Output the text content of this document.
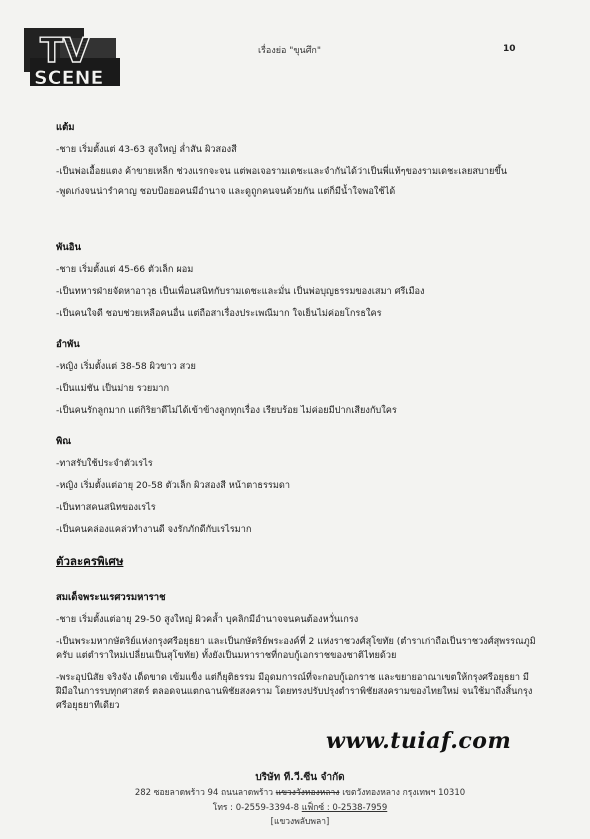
TV
SCENE
เรื่องย่อ "ขุนศึก"	10
แต้ม
-ชาย เริ่มตั้งแต่ 43-63 สูงใหญ่ ล่ำสัน ผิวสองสี
-เป็นพ่อเอื้อยแตง ค้าขายเหล็ก ช่วงแรกจะจน แต่พอเจอรามเดชะและจำกันได้ว่าเป็นพี่แท้ๆของรามเดชะเลยสบายขึ้น
-พูดเก่งจนน่ารำคาญ ชอบป้อยอคนมีอำนาจ และดูถูกคนจนด้วยกัน แต่ก็มีน้ำใจพอใช้ได้
พันอิน
-ชาย เริ่มตั้งแต่ 45-66 ตัวเล็ก ผอม
-เป็นทหารฝ่ายจัดหาอาวุธ เป็นเพื่อนสนิทกับรามเดชะและมั่น เป็นพ่อบุญธรรมของเสมา ศรีเมือง
-เป็นคนใจดี ชอบช่วยเหลือคนอื่น แต่ถือสาเรื่องประเพณีมาก ใจเย็นไม่ค่อยโกรธใคร
อำพัน
-หญิง เริ่มตั้งแต่ 38-58 ผิวขาว สวย
-เป็นแม่ชัน เป็นม่าย รวยมาก
-เป็นคนรักลูกมาก แต่กิริยาดีไม่ได้เข้าข้างลูกทุกเรื่อง เรียบร้อย ไม่ค่อยมีปากเสียงกับใคร
พิณ
-ทาสรับใช้ประจำตัวเรไร
-หญิง เริ่มตั้งแต่อายุ 20-58 ตัวเล็ก ผิวสองสี หน้าตาธรรมดา
-เป็นทาสคนสนิทของเรไร
-เป็นคนคล่องแคล่วทำงานดี จงรักภักดีกับเรไรมาก
ตัวละครพิเศษ
สมเด็จพระนเรศวรมหาราช
-ชาย เริ่มตั้งแต่อายุ 29-50 สูงใหญ่ ผิวคล้ำ บุคลิกมีอำนาจจนคนต้องหวั่นเกรง
-เป็นพระมหากษัตริย์แห่งกรุงศรีอยุธยา และเป็นกษัตริย์พระองค์ที่ 2 แห่งราชวงศ์สุโขทัย (ตำราเก่าถือเป็นราชวงศ์สุพรรณภูมิครับ แต่ตำราใหม่เปลี่ยนเป็นสุโขทัย) ทั้งยังเป็นมหาราชที่กอบกู้เอกราชของชาติไทยด้วย
-พระอุปนิสัย จริงจัง เด็ดขาด เข้มแข็ง แต่ก็ยุติธรรม มีอุดมการณ์ที่จะกอบกู้เอกราช และขยายอาณาเขตให้กรุงศรีอยุธยา มีฝีมือในการรบทุกศาสตร์ ตลอดจนแตกฉานพิชัยสงคราม โดยทรงปรับปรุงตำราพิชัยสงครามของไทยใหม่ จนใช้มาถึงสิ้นกรุงศรีอยุธยาทีเดียว
www.tuiaf.com
บริษัท ที.วี.ซีน จำกัด
282 ซอยลาดพร้าว 94 ถนนลาดพร้าว แขวงวังทองหลาง เขตวังทองหลาง กรุงเทพฯ 10310
โทร : 0-2559-3394-8 แฟ็กซ์ : 0-2538-7959
[แขวงพลับพลา]
